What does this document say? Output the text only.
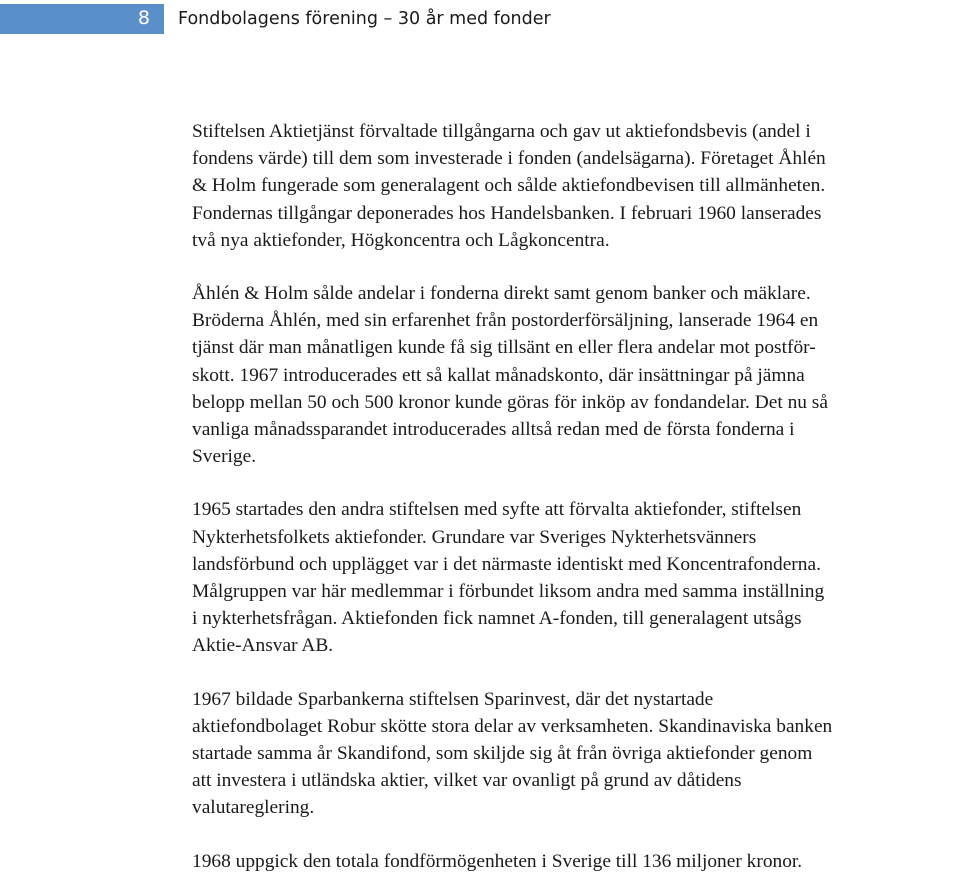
8 Fondbolagens förening – 30 år med fonder

Stiftelsen Aktietjänst förvaltade tillgångarna och gav ut aktiefondsbevis (andel i
fondens värde) till dem som investerade i fonden (andelsägarna). Företaget Åhlén
& Holm fungerade som generalagent och sålde aktiefondbevisen till allmänheten.
Fondernas tillgångar deponerades hos Handelsbanken. I februari 1960 lanserades
två nya aktiefonder, Högkoncentra och Lågkoncentra.

Åhlén & Holm sålde andelar i fonderna direkt samt genom banker och mäklare.
Bröderna Åhlén, med sin erfarenhet från postorderförsäljning, lanserade 1964 en
tjänst där man månatligen kunde få sig tillsänt en eller flera andelar mot postför-
skott. 1967 introducerades ett så kallat månadskonto, där insättningar på jämna
belopp mellan 50 och 500 kronor kunde göras för inköp av fondandelar. Det nu så
vanliga månadssparandet introducerades alltså redan med de första fonderna i
Sverige.

1965 startades den andra stiftelsen med syfte att förvalta aktiefonder, stiftelsen
Nykterhetsfolkets aktiefonder. Grundare var Sveriges Nykterhetsvänners
landsförbund och upplägget var i det närmaste identiskt med Koncentrafonderna.
Målgruppen var här medlemmar i förbundet liksom andra med samma inställning
i nykterhetsfrågan. Aktiefonden fick namnet A-fonden, till generalagent utsågs
Aktie-Ansvar AB.

1967 bildade Sparbankerna stiftelsen Sparinvest, där det nystartade
aktiefondbolaget Robur skötte stora delar av verksamheten. Skandinaviska banken
startade samma år Skandifond, som skiljde sig åt från övriga aktiefonder genom
att investera i utländska aktier, vilket var ovanligt på grund av dåtidens
valutareglering.

1968 uppgick den totala fondförmögenheten i Sverige till 136 miljoner kronor.
